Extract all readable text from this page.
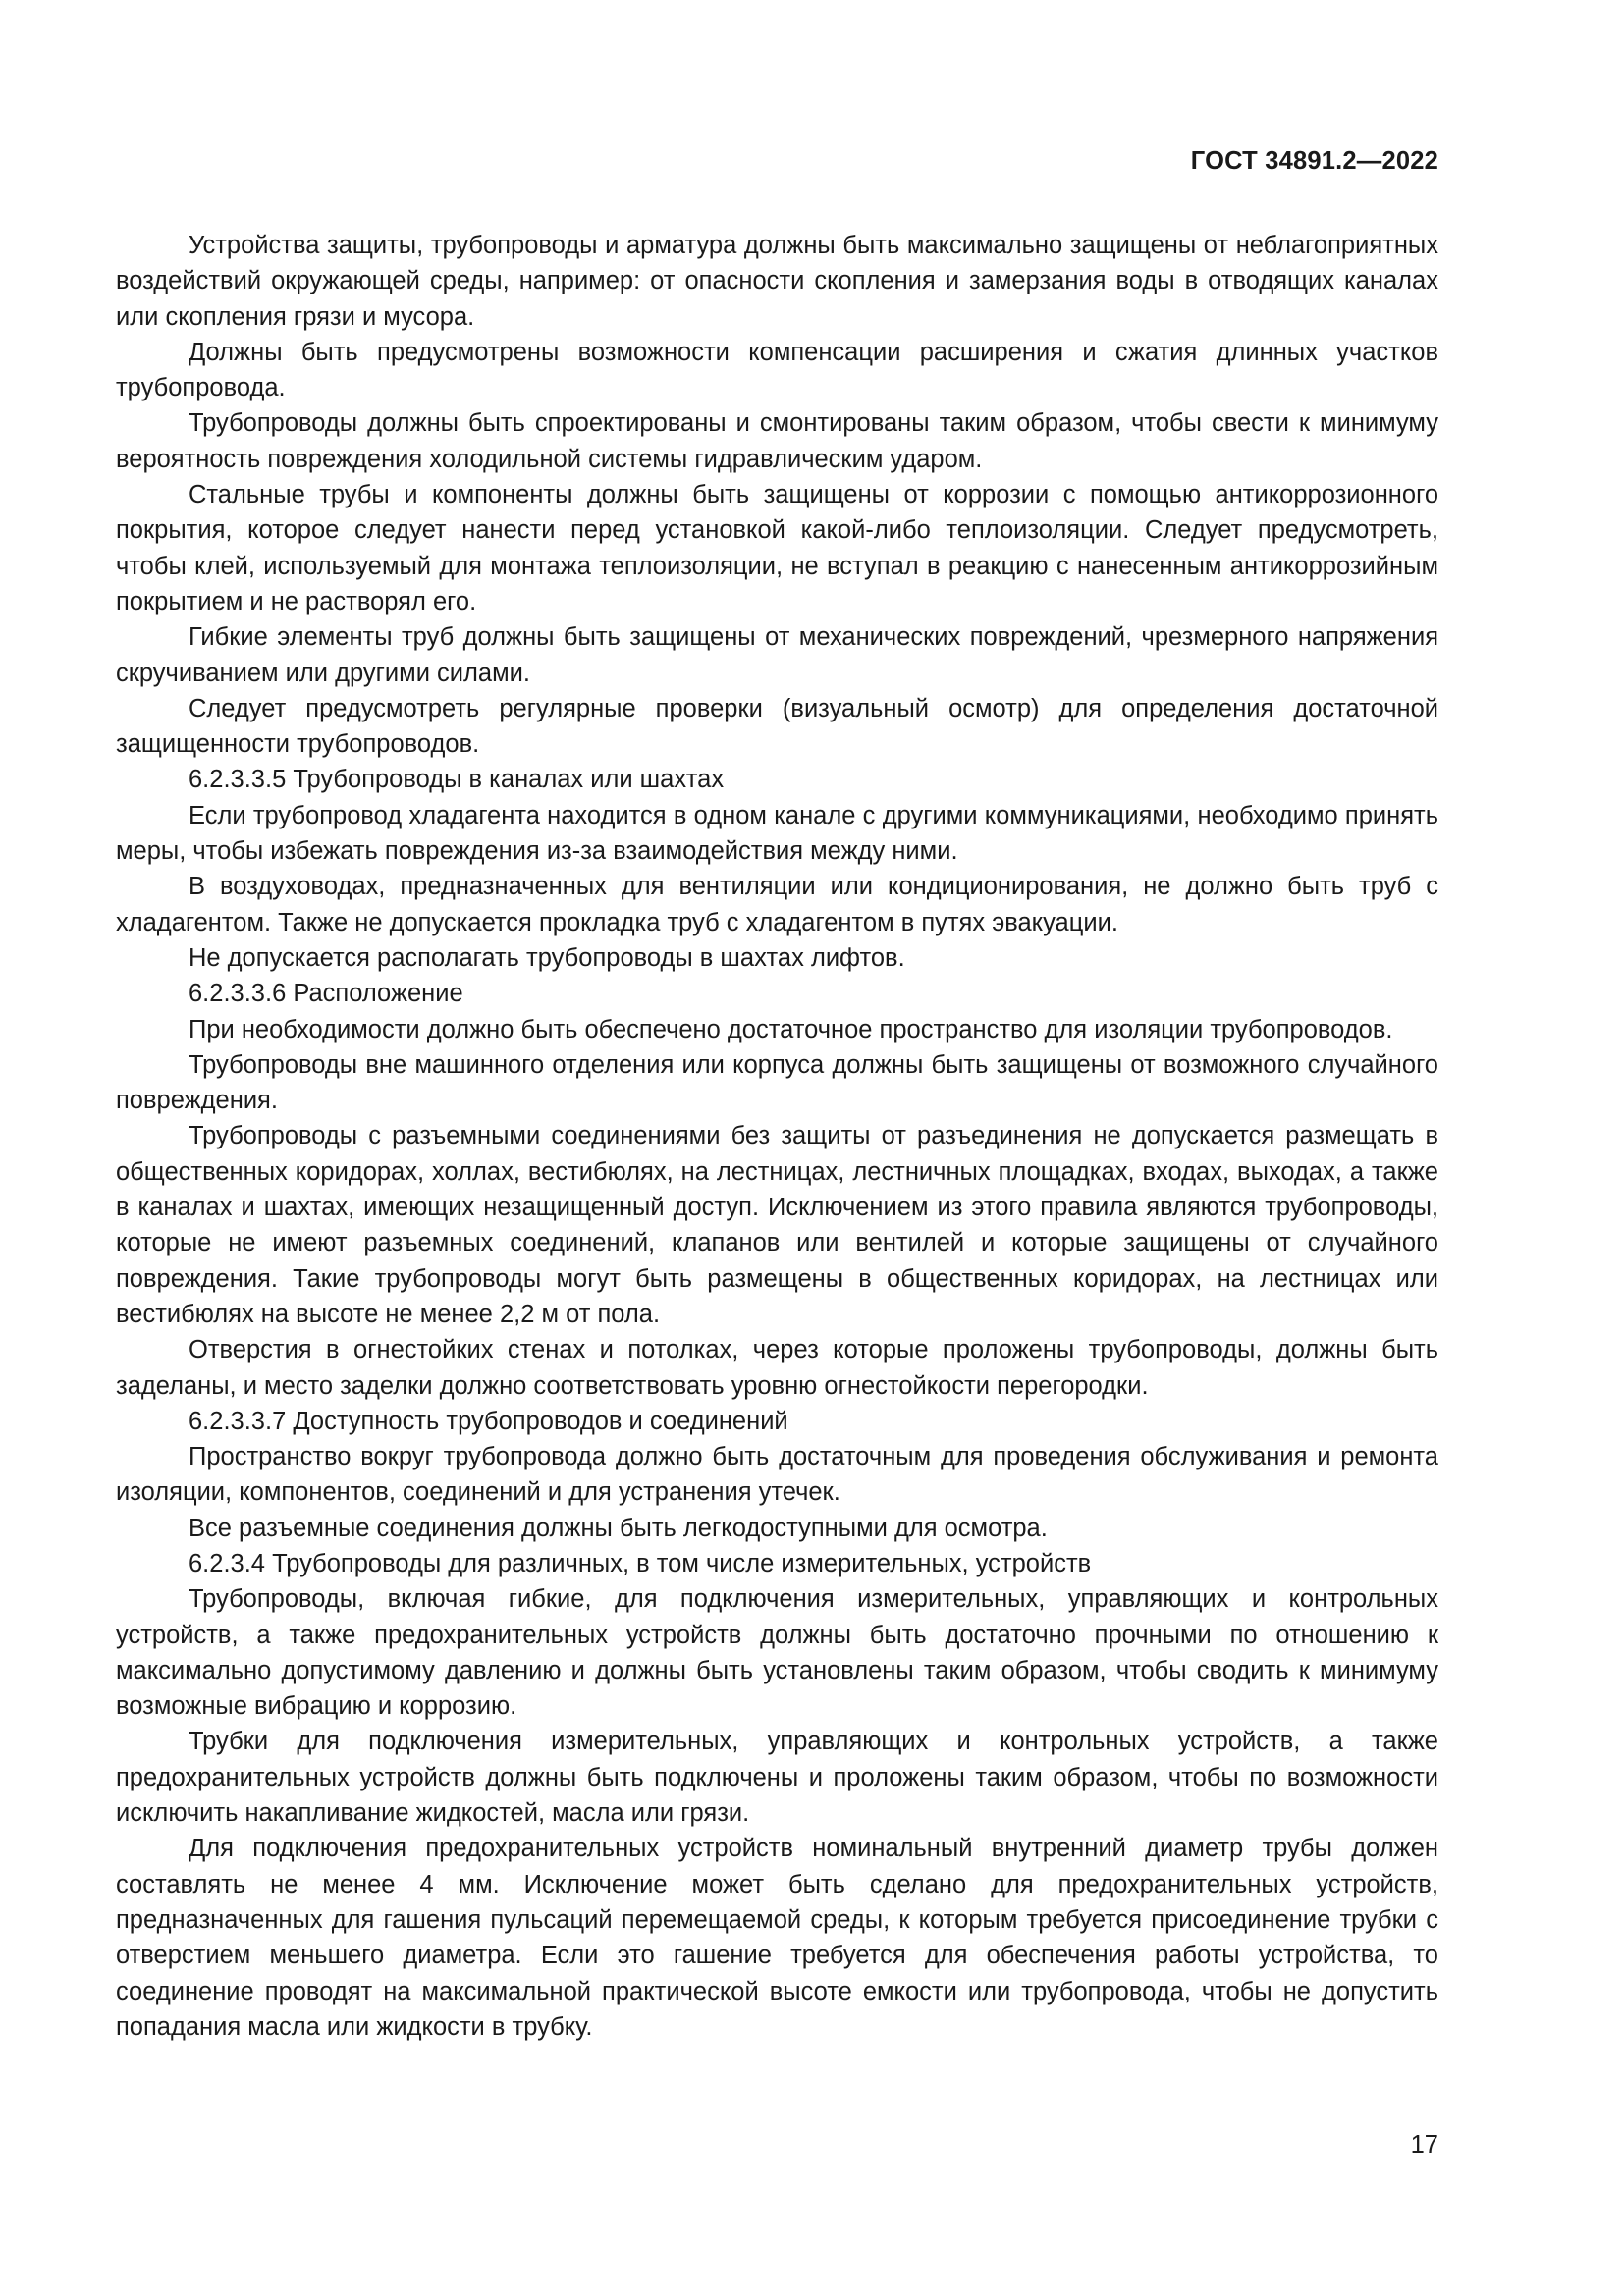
ГОСТ 34891.2—2022

Устройства защиты, трубопроводы и арматура должны быть максимально защищены от неблагоприятных воздействий окружающей среды, например: от опасности скопления и замерзания воды в отводящих каналах или скопления грязи и мусора.

Должны быть предусмотрены возможности компенсации расширения и сжатия длинных участков трубопровода.

Трубопроводы должны быть спроектированы и смонтированы таким образом, чтобы свести к минимуму вероятность повреждения холодильной системы гидравлическим ударом.

Стальные трубы и компоненты должны быть защищены от коррозии с помощью антикоррозионного покрытия, которое следует нанести перед установкой какой-либо теплоизоляции. Следует предусмотреть, чтобы клей, используемый для монтажа теплоизоляции, не вступал в реакцию с нанесенным антикоррозийным покрытием и не растворял его.

Гибкие элементы труб должны быть защищены от механических повреждений, чрезмерного напряжения скручиванием или другими силами.

Следует предусмотреть регулярные проверки (визуальный осмотр) для определения достаточной защищенности трубопроводов.

6.2.3.3.5 Трубопроводы в каналах или шахтах

Если трубопровод хладагента находится в одном канале с другими коммуникациями, необходимо принять меры, чтобы избежать повреждения из-за взаимодействия между ними.

В воздуховодах, предназначенных для вентиляции или кондиционирования, не должно быть труб с хладагентом. Также не допускается прокладка труб с хладагентом в путях эвакуации.

Не допускается располагать трубопроводы в шахтах лифтов.

6.2.3.3.6 Расположение

При необходимости должно быть обеспечено достаточное пространство для изоляции трубопроводов.

Трубопроводы вне машинного отделения или корпуса должны быть защищены от возможного случайного повреждения.

Трубопроводы с разъемными соединениями без защиты от разъединения не допускается размещать в общественных коридорах, холлах, вестибюлях, на лестницах, лестничных площадках, входах, выходах, а также в каналах и шахтах, имеющих незащищенный доступ. Исключением из этого правила являются трубопроводы, которые не имеют разъемных соединений, клапанов или вентилей и которые защищены от случайного повреждения. Такие трубопроводы могут быть размещены в общественных коридорах, на лестницах или вестибюлях на высоте не менее 2,2 м от пола.

Отверстия в огнестойких стенах и потолках, через которые проложены трубопроводы, должны быть заделаны, и место заделки должно соответствовать уровню огнестойкости перегородки.

6.2.3.3.7 Доступность трубопроводов и соединений

Пространство вокруг трубопровода должно быть достаточным для проведения обслуживания и ремонта изоляции, компонентов, соединений и для устранения утечек.

Все разъемные соединения должны быть легкодоступными для осмотра.

6.2.3.4 Трубопроводы для различных, в том числе измерительных, устройств

Трубопроводы, включая гибкие, для подключения измерительных, управляющих и контрольных устройств, а также предохранительных устройств должны быть достаточно прочными по отношению к максимально допустимому давлению и должны быть установлены таким образом, чтобы сводить к минимуму возможные вибрацию и коррозию.

Трубки для подключения измерительных, управляющих и контрольных устройств, а также предохранительных устройств должны быть подключены и проложены таким образом, чтобы по возможности исключить накапливание жидкостей, масла или грязи.

Для подключения предохранительных устройств номинальный внутренний диаметр трубы должен составлять не менее 4 мм. Исключение может быть сделано для предохранительных устройств, предназначенных для гашения пульсаций перемещаемой среды, к которым требуется присоединение трубки с отверстием меньшего диаметра. Если это гашение требуется для обеспечения работы устройства, то соединение проводят на максимальной практической высоте емкости или трубопровода, чтобы не допустить попадания масла или жидкости в трубку.

17
